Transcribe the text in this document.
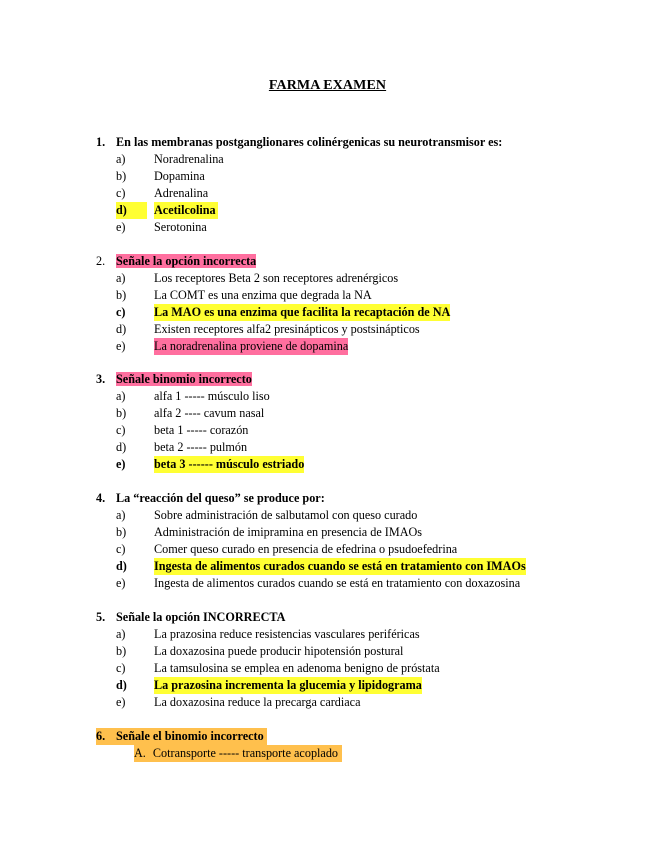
FARMA EXAMEN
1. En las membranas postganglionares colinérgenicas su neurotransmisor es:
a) Noradrenalina
b) Dopamina
c) Adrenalina
d)	Acetilcolina
e) Serotonina
2. Señale la opción incorrecta
a) Los receptores Beta 2 son receptores adrenérgicos
b) La COMT es una enzima que degrada la NA
c) La MAO es una enzima que facilita la recaptación de NA
d) Existen receptores alfa2 presinápticos y postsinápticos
e) La noradrenalina proviene de dopamina
3. Señale binomio incorrecto
a) alfa 1 ----- músculo liso
b) alfa 2 ---- cavum nasal
c) beta 1 ----- corazón
d) beta 2 ----- pulmón
e) beta 3 ------ músculo estriado
4. La “reacción del queso” se produce por:
a) Sobre administración de salbutamol con queso curado
b) Administración de imipramina en presencia de IMAOs
c) Comer queso curado en presencia de efedrina o psudoefedrina
d) Ingesta de alimentos curados cuando se está en tratamiento con IMAOs
e) Ingesta de alimentos curados cuando se está en tratamiento con doxazosina
5. Señale la opción INCORRECTA
a) La prazosina reduce resistencias vasculares periféricas
b) La doxazosina puede producir hipotensión postural
c) La tamsulosina se emplea en adenoma benigno de próstata
d) La prazosina incrementa la glucemia y lipidograma
e) La doxazosina reduce la precarga cardiaca
6. Señale el binomio incorrecto
A. Cotransporte ----- transporte acoplado
